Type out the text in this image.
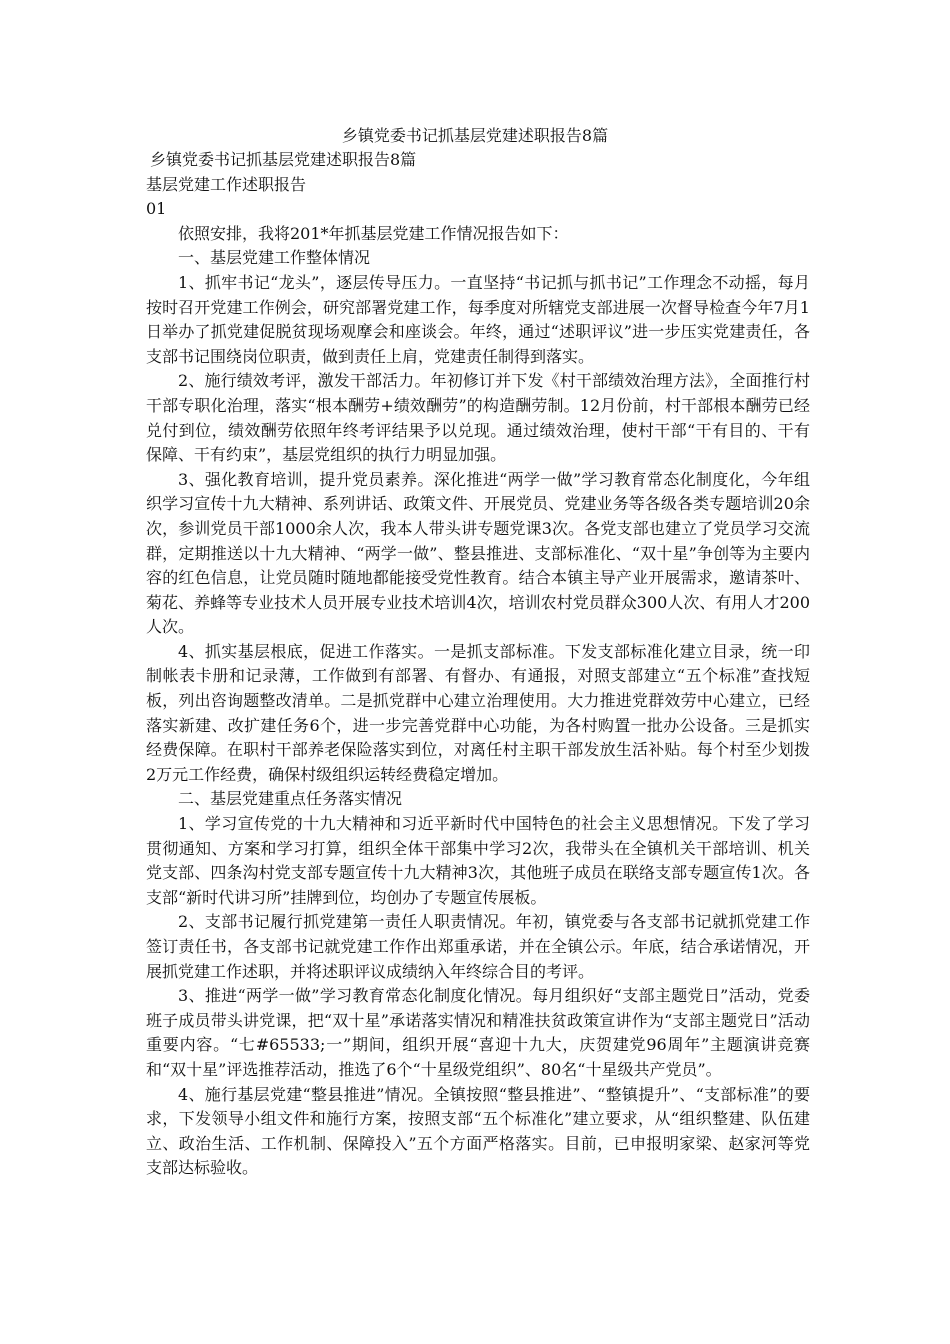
乡镇党委书记抓基层党建述职报告8篇

乡镇党委书记抓基层党建述职报告8篇

基层党建工作述职报告

01

依照安排，我将201*年抓基层党建工作情况报告如下：

一、基层党建工作整体情况

1、抓牢书记“龙头”，逐层传导压力。一直坚持“书记抓与抓书记”工作理念不动摇，每月按时召开党建工作例会，研究部署党建工作，每季度对所辖党支部进展一次督导检查今年7月1日举办了抓党建促脱贫现场观摩会和座谈会。年终，通过“述职评议”进一步压实党建责任，各支部书记围绕岗位职责，做到责任上肩，党建责任制得到落实。

2、施行绩效考评，激发干部活力。年初修订并下发《村干部绩效治理方法》，全面推行村干部专职化治理，落实“根本酬劳+绩效酬劳”的构造酬劳制。12月份前，村干部根本酬劳已经兑付到位，绩效酬劳依照年终考评结果予以兑现。通过绩效治理，使村干部“干有目的、干有保障、干有约束”，基层党组织的执行力明显加强。

3、强化教育培训，提升党员素养。深化推进“两学一做”学习教育常态化制度化，今年组织学习宣传十九大精神、系列讲话、政策文件、开展党员、党建业务等各级各类专题培训20余次，参训党员干部1000余人次，我本人带头讲专题党课3次。各党支部也建立了党员学习交流群，定期推送以十九大精神、“两学一做”、整县推进、支部标准化、“双十星”争创等为主要内容的红色信息，让党员随时随地都能接受党性教育。结合本镇主导产业开展需求，邀请茶叶、菊花、养蜂等专业技术人员开展专业技术培训4次，培训农村党员群众300人次、有用人才200人次。

4、抓实基层根底，促进工作落实。一是抓支部标准。下发支部标准化建立目录，统一印制帐表卡册和记录薄，工作做到有部署、有督办、有通报，对照支部建立“五个标准”查找短板，列出咨询题整改清单。二是抓党群中心建立治理使用。大力推进党群效劳中心建立，已经落实新建、改扩建任务6个，进一步完善党群中心功能，为各村购置一批办公设备。三是抓实经费保障。在职村干部养老保险落实到位，对离任村主职干部发放生活补贴。每个村至少划拨2万元工作经费，确保村级组织运转经费稳定增加。

二、基层党建重点任务落实情况

1、学习宣传党的十九大精神和习近平新时代中国特色的社会主义思想情况。下发了学习贯彻通知、方案和学习打算，组织全体干部集中学习2次，我带头在全镇机关干部培训、机关党支部、四条沟村党支部专题宣传十九大精神3次，其他班子成员在联络支部专题宣传1次。各支部“新时代讲习所”挂牌到位，均创办了专题宣传展板。

2、支部书记履行抓党建第一责任人职责情况。年初，镇党委与各支部书记就抓党建工作签订责任书，各支部书记就党建工作作出郑重承诺，并在全镇公示。年底，结合承诺情况，开展抓党建工作述职，并将述职评议成绩纳入年终综合目的考评。

3、推进“两学一做”学习教育常态化制度化情况。每月组织好“支部主题党日”活动，党委班子成员带头讲党课，把“双十星”承诺落实情况和精准扶贫政策宣讲作为“支部主题党日”活动重要内容。“七#65533;一”期间，组织开展“喜迎十九大，庆贺建党96周年”主题演讲竞赛和“双十星”评选推荐活动，推选了6个“十星级党组织”、80名“十星级共产党员”。

4、施行基层党建“整县推进”情况。全镇按照“整县推进”、“整镇提升”、“支部标准”的要求，下发领导小组文件和施行方案，按照支部“五个标准化”建立要求，从“组织整建、队伍建立、政治生活、工作机制、保障投入”五个方面严格落实。目前，已申报明家梁、赵家河等党支部达标验收。
